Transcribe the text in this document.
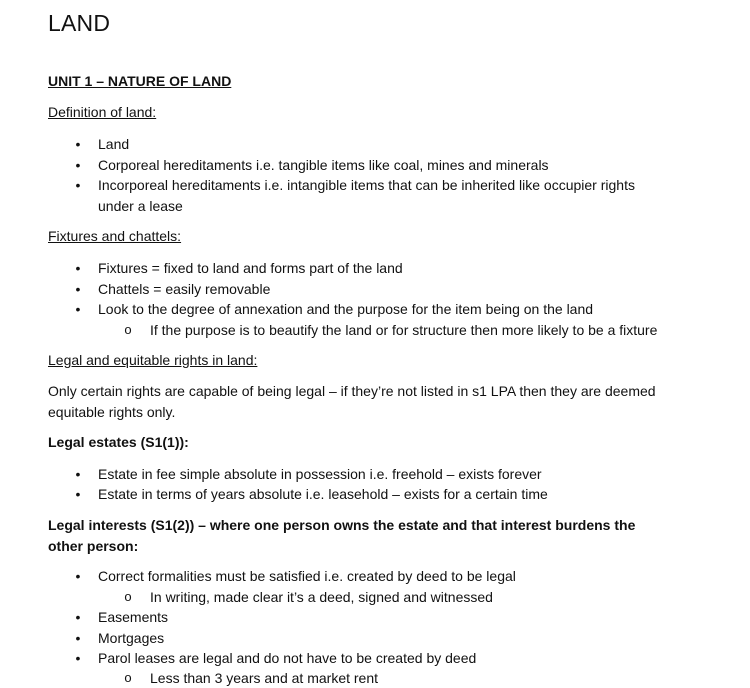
LAND
UNIT 1 – NATURE OF LAND
Definition of land:
• Land
• Corporeal hereditaments i.e. tangible items like coal, mines and minerals
• Incorporeal hereditaments i.e. intangible items that can be inherited like occupier rights under a lease
Fixtures and chattels:
• Fixtures = fixed to land and forms part of the land
• Chattels = easily removable
• Look to the degree of annexation and the purpose for the item being on the land
o If the purpose is to beautify the land or for structure then more likely to be a fixture
Legal and equitable rights in land:
Only certain rights are capable of being legal – if they’re not listed in s1 LPA then they are deemed equitable rights only.
Legal estates (S1(1)):
• Estate in fee simple absolute in possession i.e. freehold – exists forever
• Estate in terms of years absolute i.e. leasehold – exists for a certain time
Legal interests (S1(2)) – where one person owns the estate and that interest burdens the other person:
• Correct formalities must be satisfied i.e. created by deed to be legal
o In writing, made clear it’s a deed, signed and witnessed
• Easements
• Mortgages
• Parol leases are legal and do not have to be created by deed
o Less than 3 years and at market rent
